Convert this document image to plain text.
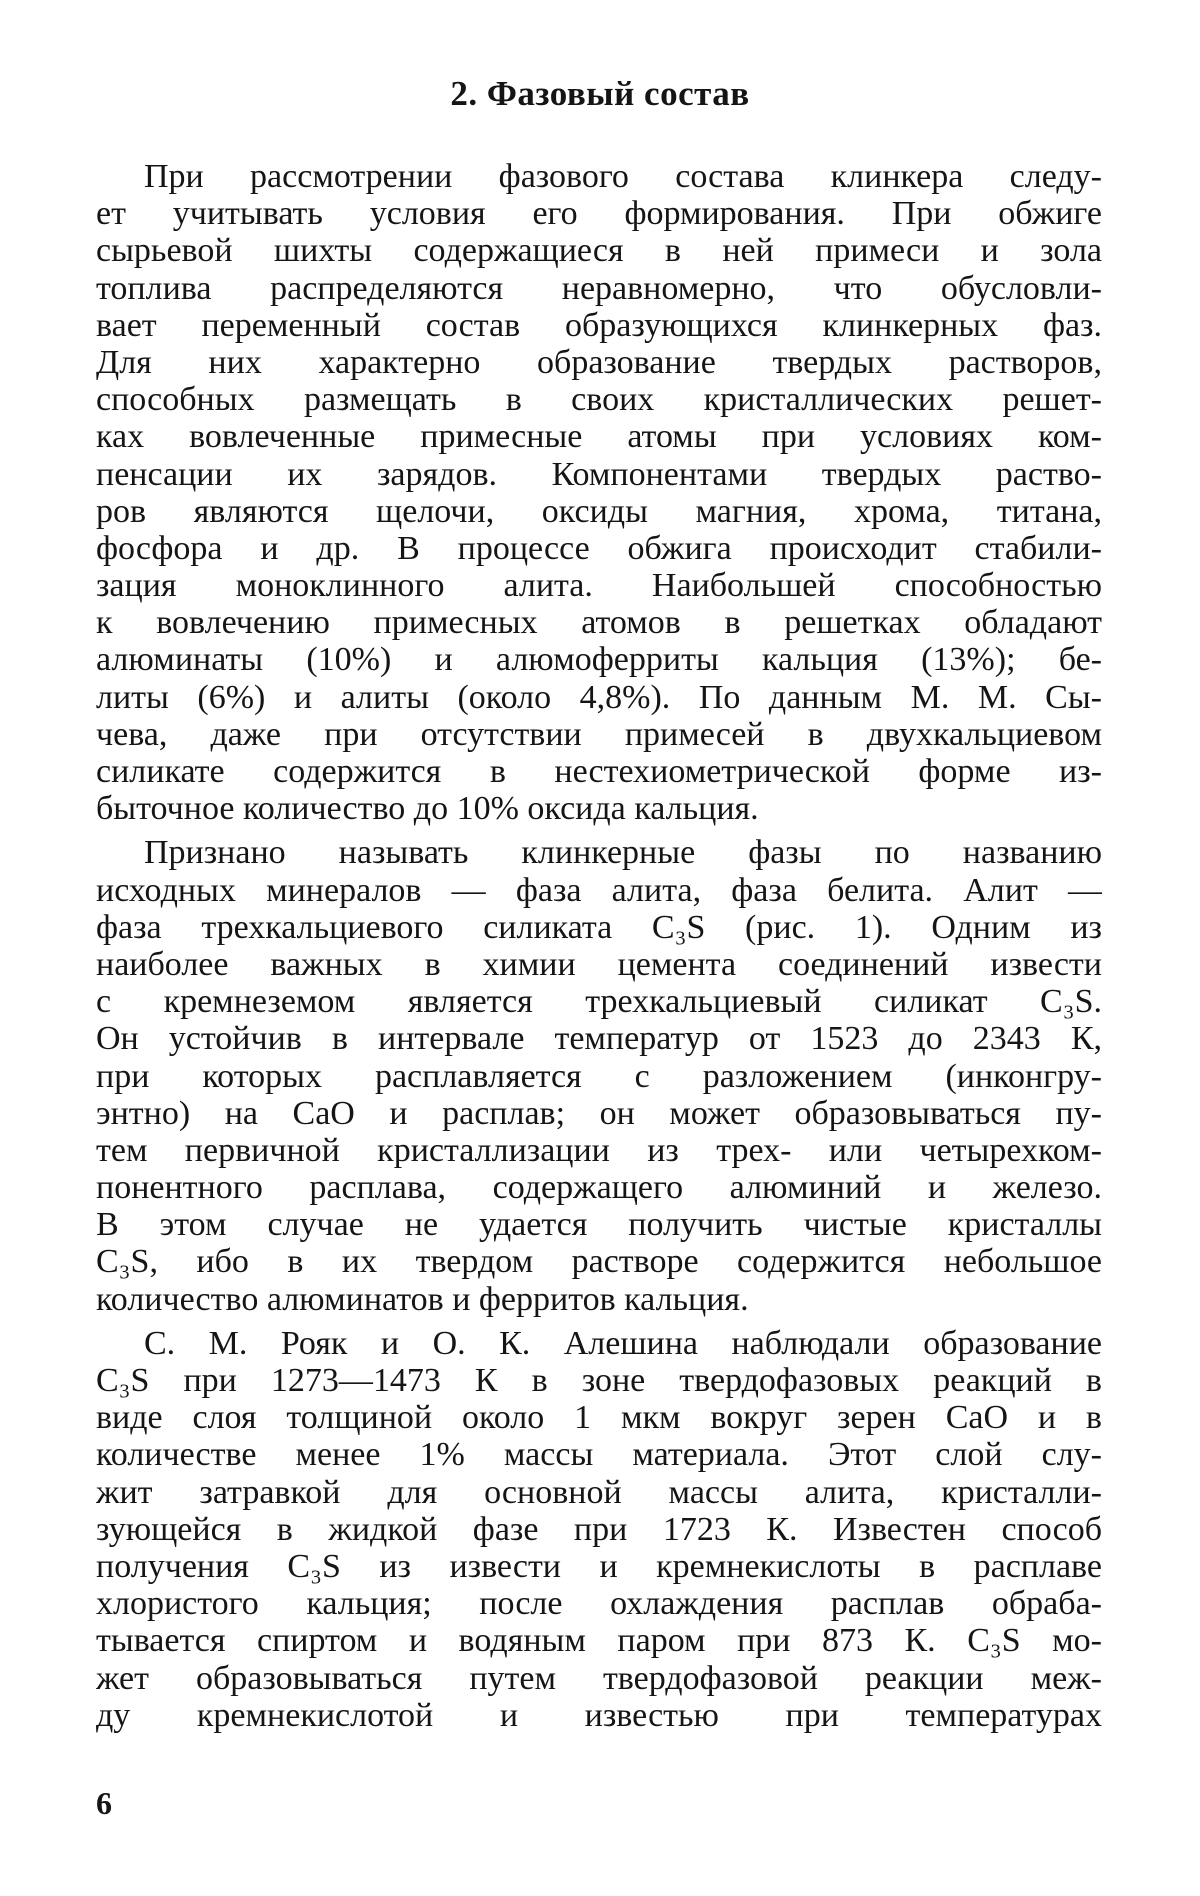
2. Фазовый состав
При рассмотрении фазового состава клинкера следу-
ет учитывать условия его формирования. При обжиге
сырьевой шихты содержащиеся в ней примеси и зола
топлива распределяются неравномерно, что обусловли-
вает переменный состав образующихся клинкерных фаз.
Для них характерно образование твердых растворов,
способных размещать в своих кристаллических решет-
ках вовлеченные примесные атомы при условиях ком-
пенсации их зарядов. Компонентами твердых раство-
ров являются щелочи, оксиды магния, хрома, титана,
фосфора и др. В процессе обжига происходит стабили-
зация моноклинного алита. Наибольшей способностью
к вовлечению примесных атомов в решетках обладают
алюминаты (10%) и алюмоферриты кальция (13%); бе-
литы (6%) и алиты (около 4,8%). По данным М. М. Сы-
чева, даже при отсутствии примесей в двухкальциевом
силикате содержится в нестехиометрической форме из-
быточное количество до 10% оксида кальция.
Признано называть клинкерные фазы по названию
исходных минералов — фаза алита, фаза белита. Алит —
фаза трехкальциевого силиката C₃S (рис. 1). Одним из
наиболее важных в химии цемента соединений извести
с кремнеземом является трехкальциевый силикат C₃S.
Он устойчив в интервале температур от 1523 до 2343 К,
при которых расплавляется с разложением (инконгру-
энтно) на CaO и расплав; он может образовываться пу-
тем первичной кристаллизации из трех- или четырехком-
понентного расплава, содержащего алюминий и железо.
В этом случае не удается получить чистые кристаллы
C₃S, ибо в их твердом растворе содержится небольшое
количество алюминатов и ферритов кальция.
С. М. Рояк и О. К. Алешина наблюдали образование
C₃S при 1273—1473 К в зоне твердофазовых реакций в
виде слоя толщиной около 1 мкм вокруг зерен CaO и в
количестве менее 1% массы материала. Этот слой слу-
жит затравкой для основной массы алита, кристалли-
зующейся в жидкой фазе при 1723 К. Известен способ
получения C₃S из извести и кремнекислоты в расплаве
хлористого кальция; после охлаждения расплав обраба-
тывается спиртом и водяным паром при 873 К. C₃S мо-
жет образовываться путем твердофазовой реакции меж-
ду кремнекислотой и известью при температурах
6
